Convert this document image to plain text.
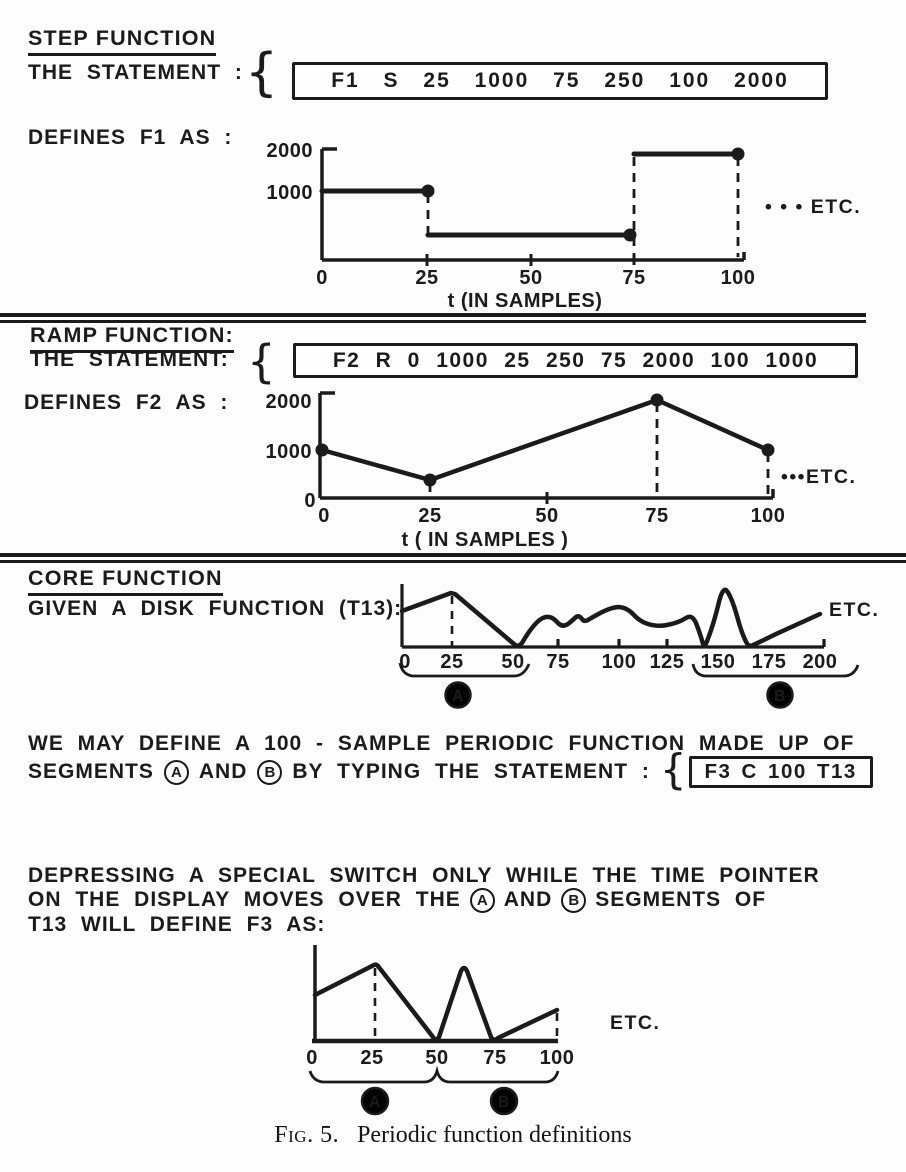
STEP FUNCTION
THE STATEMENT : {	F1 S 25 1000 75 250 100 2000
DEFINES F1 AS :
2000
1000
0	25	50	75	100
t (IN SAMPLES)
• • • ETC.
RAMP FUNCTION:
THE STATEMENT: {	F2 R 0 1000 25 250 75 2000 100 1000
DEFINES F2 AS : 2000
1000
0
0	25	50	75	100
t ( IN SAMPLES )
•••ETC.
CORE FUNCTION
GIVEN A DISK FUNCTION (T13):
0 25 50 75 100 125 150 175 200
A	B
ETC.
WE MAY DEFINE A 100 - SAMPLE PERIODIC FUNCTION MADE UP OF
SEGMENTS	A AND	B BY TYPING THE STATEMENT : { F3 C 100 T13
DEPRESSING A SPECIAL SWITCH ONLY WHILE THE TIME POINTER
ON THE DISPLAY MOVES OVER THE	A AND	B SEGMENTS OF
T13 WILL DEFINE F3 AS:
0 25 50 75 100
A	B
ETC.
Fig. 5. Periodic function definitions
